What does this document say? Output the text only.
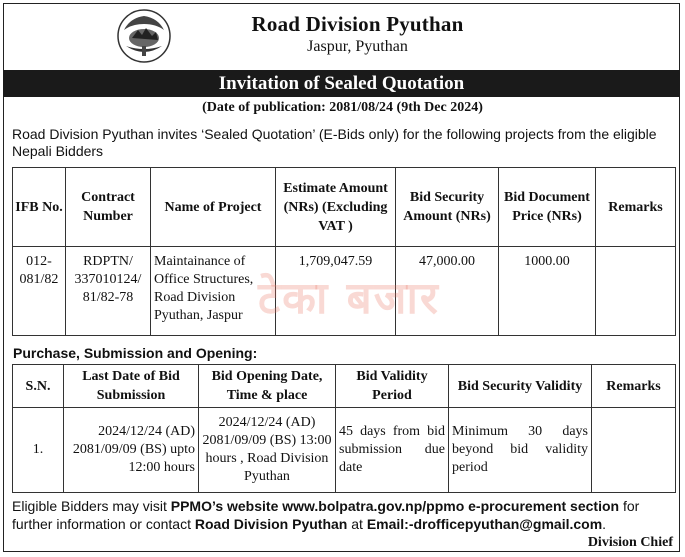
Road Division Pyuthan
Jaspur, Pyuthan
Invitation of Sealed Quotation
(Date of publication: 2081/08/24 (9th Dec 2024)
Road Division Pyuthan invites ‘Sealed Quotation’ (E-Bids only) for the following projects from the eligible Nepali Bidders
IFB No.	Contract Number	Name of Project	Estimate Amount (NRs) (Excluding VAT )	Bid Security Amount (NRs)	Bid Document Price (NRs)	Remarks
012-081/82	RDPTN/ 337010124/ 81/82-78	Maintainance of Office Structures, Road Division Pyuthan, Jaspur	1,709,047.59	47,000.00	1000.00	
टेका बजार
Purchase, Submission and Opening:
S.N.	Last Date of Bid Submission	Bid Opening Date, Time & place	Bid Validity Period	Bid Security Validity	Remarks
1.	2024/12/24 (AD) 2081/09/09 (BS) upto 12:00 hours	2024/12/24 (AD) 2081/09/09 (BS) 13:00 hours , Road Division Pyuthan	45 days from bid submission due date	Minimum 30 days beyond bid validity period	
Eligible Bidders may visit PPMO’s website www.bolpatra.gov.np/ppmo e-procurement section for further information or contact Road Division Pyuthan at Email:-drofficepyuthan@gmail.com.
Division Chief
